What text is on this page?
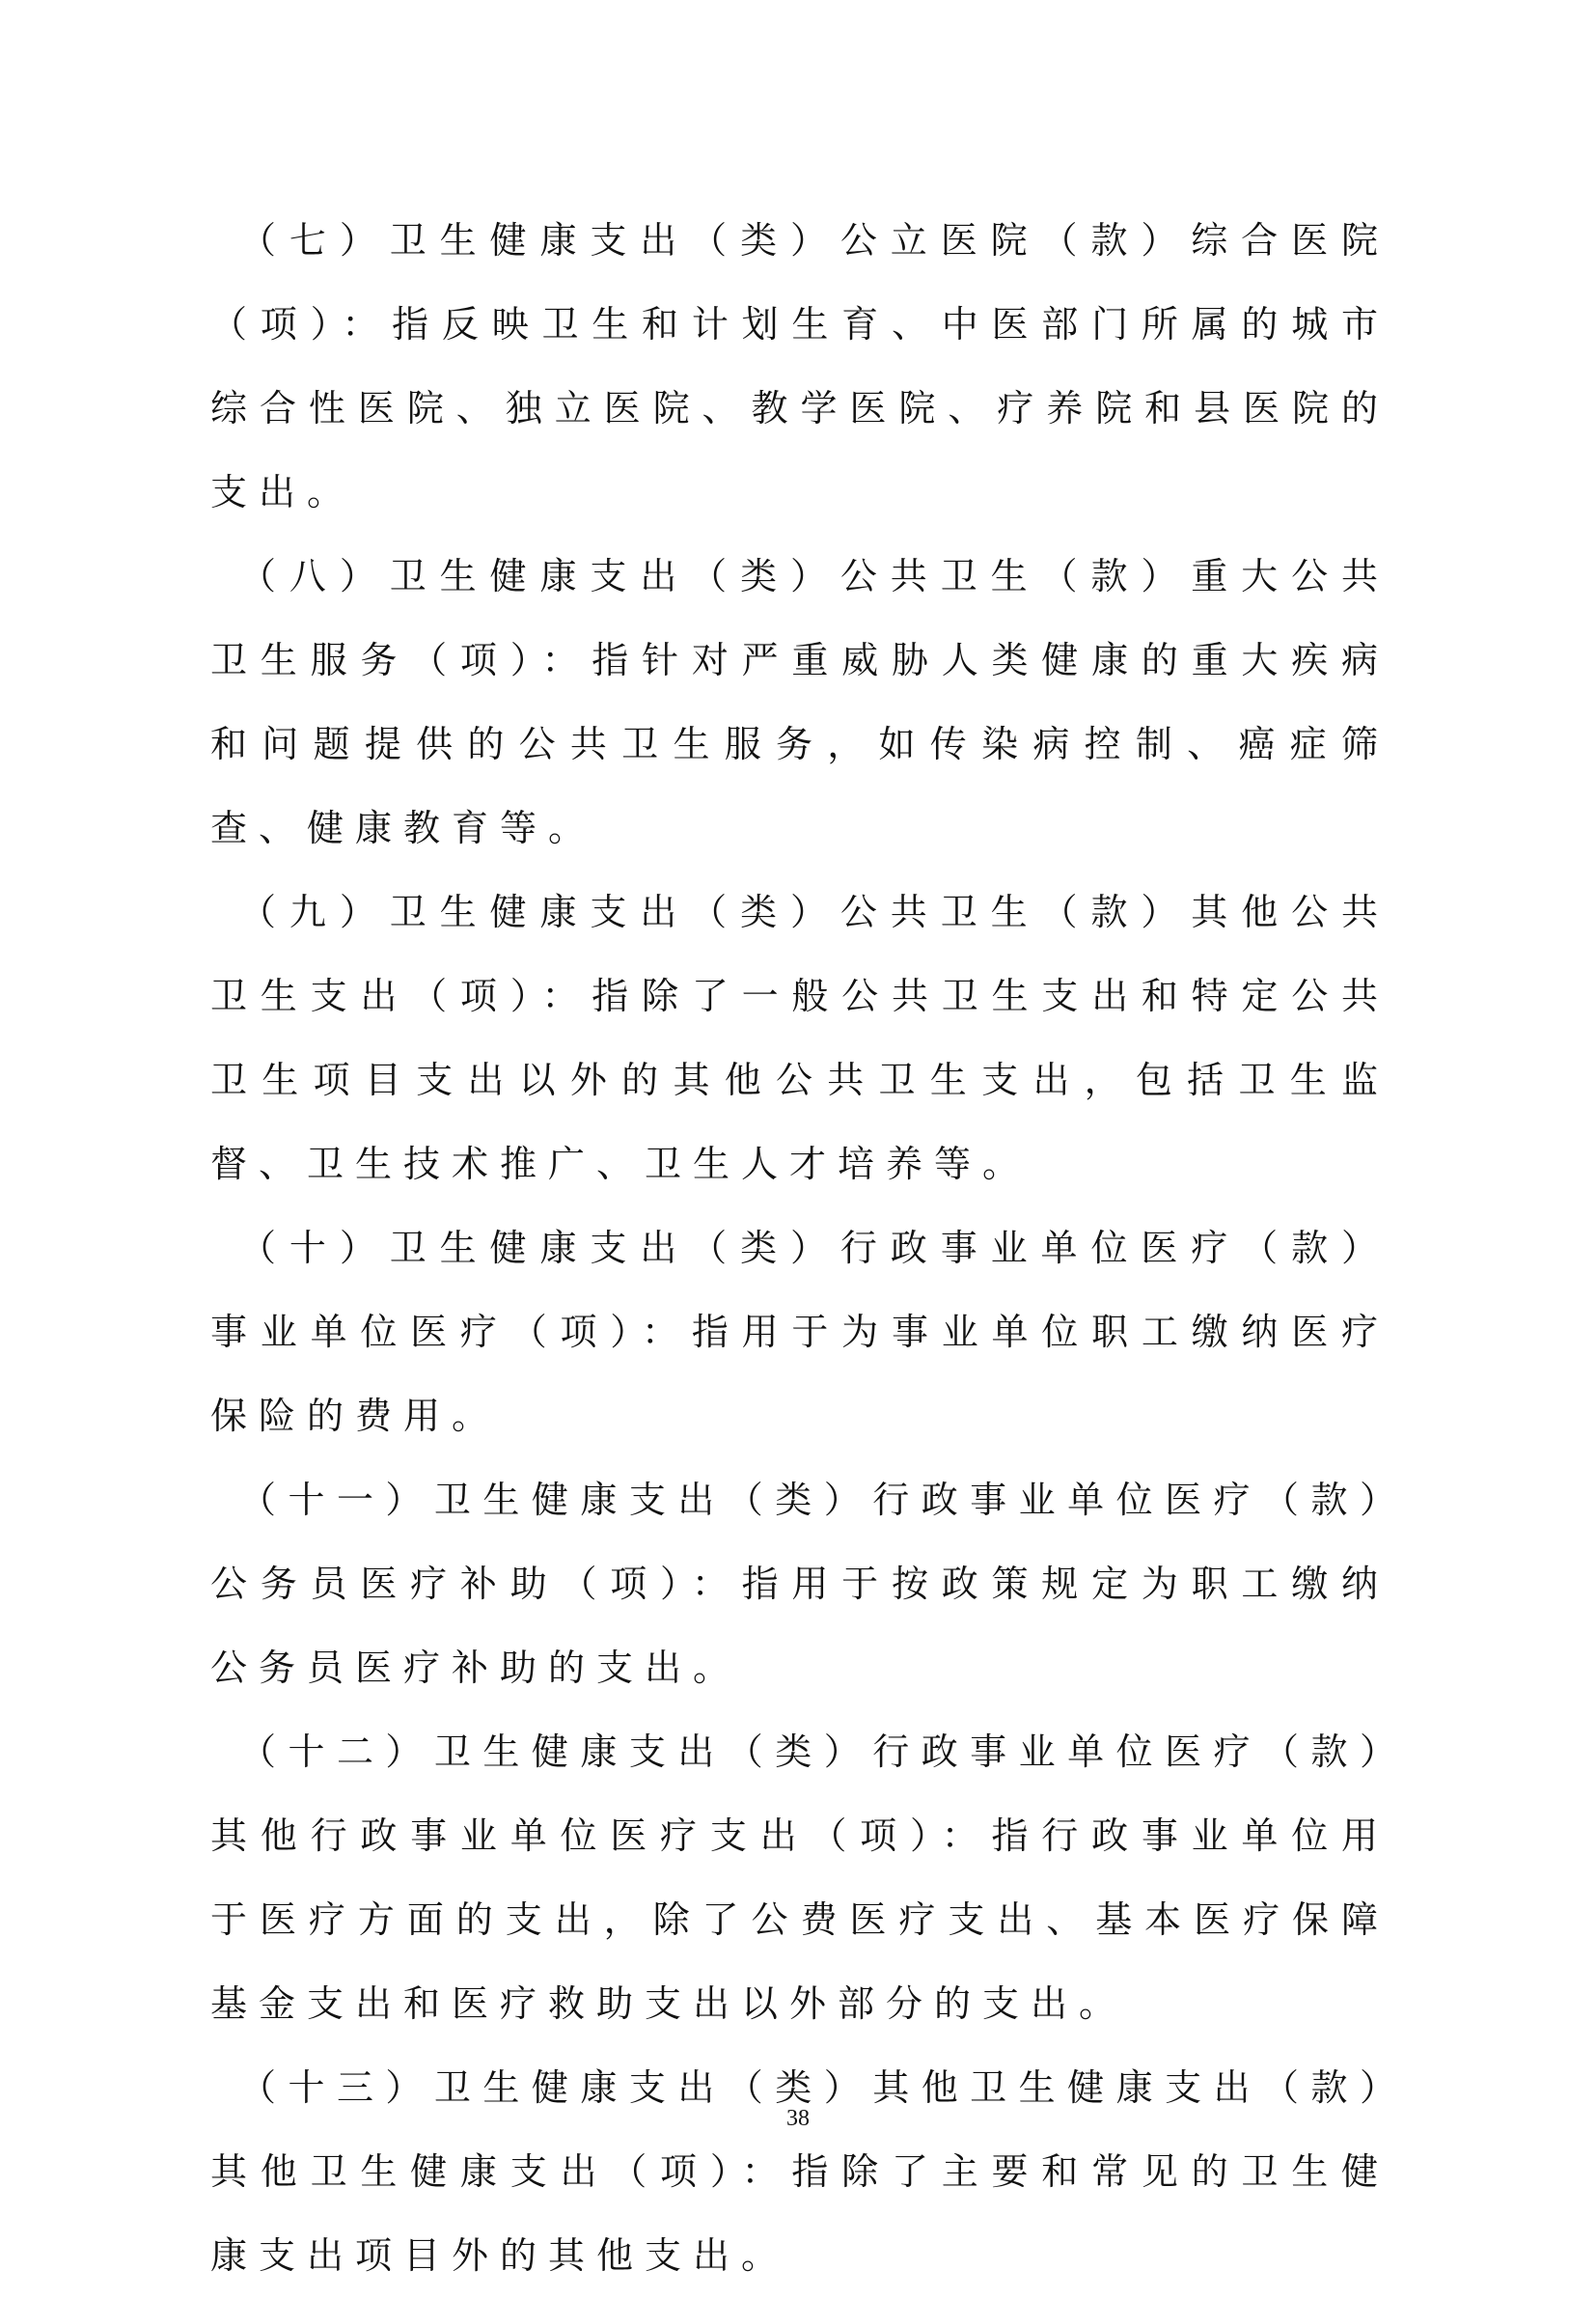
（七）卫生健康支出（类）公立医院（款）综合医院（项）：指反映卫生和计划生育、中医部门所属的城市综合性医院、独立医院、教学医院、疗养院和县医院的支出。

（八）卫生健康支出（类）公共卫生（款）重大公共卫生服务（项）：指针对严重威胁人类健康的重大疾病和问题提供的公共卫生服务，如传染病控制、癌症筛查、健康教育等。

（九）卫生健康支出（类）公共卫生（款）其他公共卫生支出（项）：指除了一般公共卫生支出和特定公共卫生项目支出以外的其他公共卫生支出，包括卫生监督、卫生技术推广、卫生人才培养等。

（十）卫生健康支出（类）行政事业单位医疗（款）事业单位医疗（项）：指用于为事业单位职工缴纳医疗保险的费用。

（十一）卫生健康支出（类）行政事业单位医疗（款）公务员医疗补助（项）：指用于按政策规定为职工缴纳公务员医疗补助的支出。

（十二）卫生健康支出（类）行政事业单位医疗（款）其他行政事业单位医疗支出（项）：指行政事业单位用于医疗方面的支出，除了公费医疗支出、基本医疗保障基金支出和医疗救助支出以外部分的支出。

（十三）卫生健康支出（类）其他卫生健康支出（款）其他卫生健康支出（项）：指除了主要和常见的卫生健康支出项目外的其他支出。

38
